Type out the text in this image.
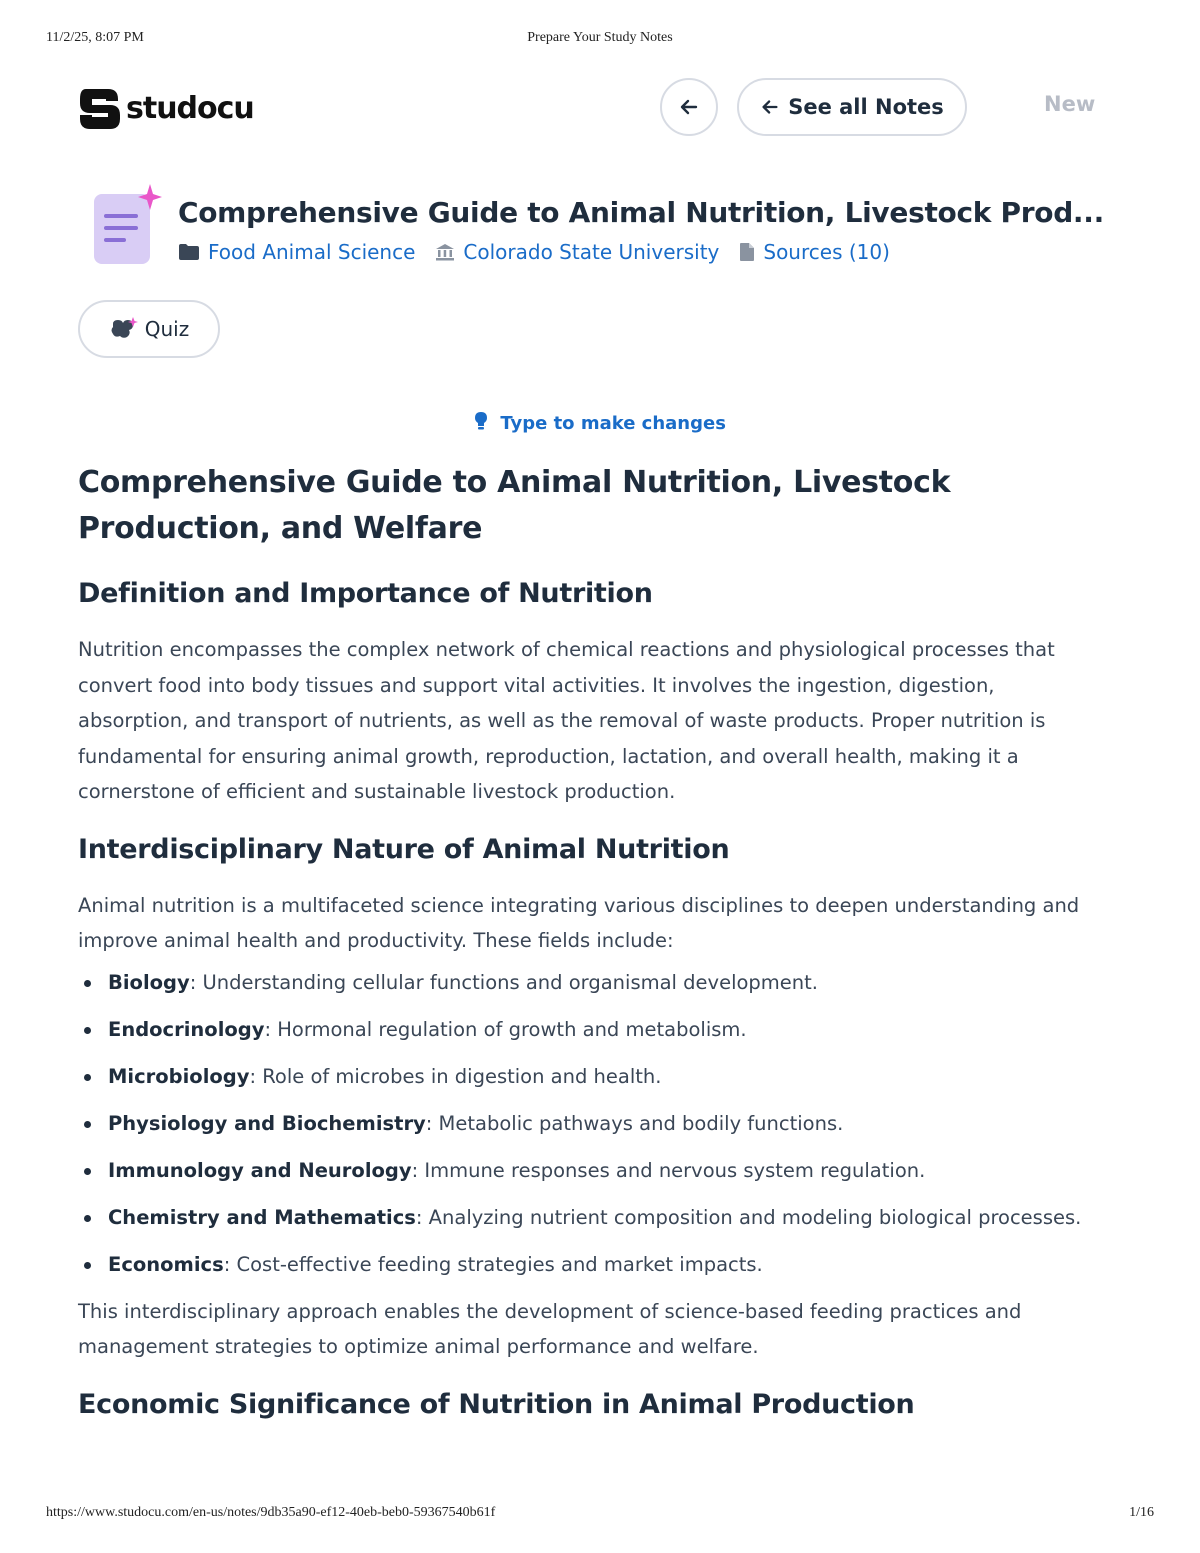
11/2/25, 8:07 PM	Prepare Your Study Notes
studocu	See all Notes	New
Comprehensive Guide to Animal Nutrition, Livestock Prod...
Food Animal Science Colorado State University Sources (10)
Quiz
Type to make changes
Comprehensive Guide to Animal Nutrition, Livestock Production, and Welfare
Definition and Importance of Nutrition

Nutrition encompasses the complex network of chemical reactions and physiological processes that convert food into body tissues and support vital activities. It involves the ingestion, digestion, absorption, and transport of nutrients, as well as the removal of waste products. Proper nutrition is fundamental for ensuring animal growth, reproduction, lactation, and overall health, making it a cornerstone of efficient and sustainable livestock production.

Interdisciplinary Nature of Animal Nutrition

Animal nutrition is a multifaceted science integrating various disciplines to deepen understanding and improve animal health and productivity. These fields include:

Biology: Understanding cellular functions and organismal development.
Endocrinology: Hormonal regulation of growth and metabolism.
Microbiology: Role of microbes in digestion and health.
Physiology and Biochemistry: Metabolic pathways and bodily functions.
Immunology and Neurology: Immune responses and nervous system regulation.
Chemistry and Mathematics: Analyzing nutrient composition and modeling biological processes.
Economics: Cost-effective feeding strategies and market impacts.

This interdisciplinary approach enables the development of science-based feeding practices and management strategies to optimize animal performance and welfare.

Economic Significance of Nutrition in Animal Production
https://www.studocu.com/en-us/notes/9db35a90-ef12-40eb-beb0-59367540b61f	1/16
